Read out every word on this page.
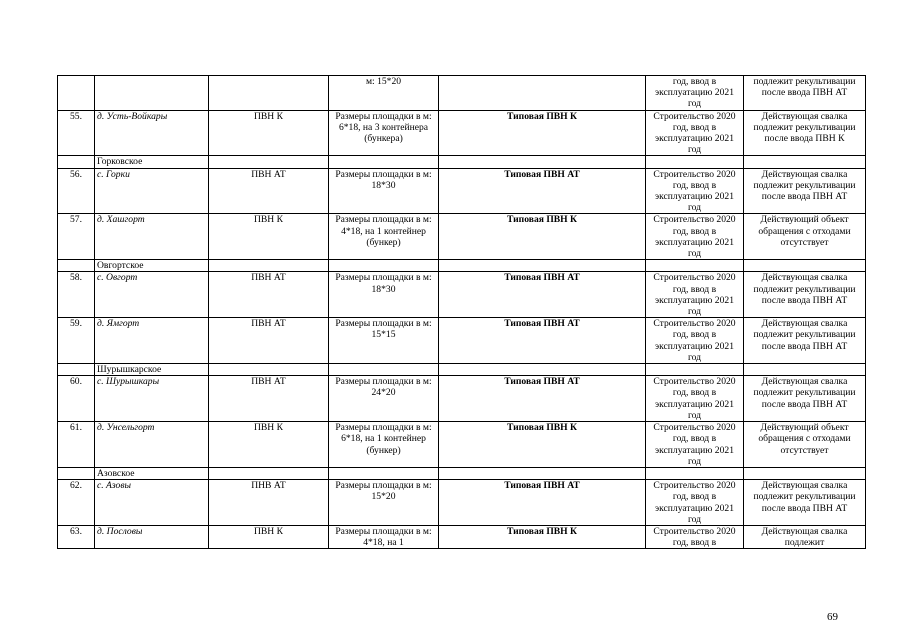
			м: 15*20		год, ввод в эксплуатацию 2021 год	подлежит рекультивации после ввода ПВН АТ
55.	д. Усть-Войкары	ПВН К	Размеры площадки в м: 6*18, на 3 контейнера (бункера)	Типовая ПВН К	Строительство 2020 год, ввод в эксплуатацию 2021 год	Действующая свалка подлежит рекультивации после ввода ПВН К
	Горковское					
56.	с. Горки	ПВН АТ	Размеры площадки в м: 18*30	Типовая ПВН АТ	Строительство 2020 год, ввод в эксплуатацию 2021 год	Действующая свалка подлежит рекультивации после ввода ПВН АТ
57.	д. Хашгорт	ПВН К	Размеры площадки в м: 4*18, на 1 контейнер (бункер)	Типовая ПВН К	Строительство 2020 год, ввод в эксплуатацию 2021 год	Действующий объект обращения с отходами отсутствует
	Овгортское					
58.	с. Овгорт	ПВН АТ	Размеры площадки в м: 18*30	Типовая ПВН АТ	Строительство 2020 год, ввод в эксплуатацию 2021 год	Действующая свалка подлежит рекультивации после ввода ПВН АТ
59.	д. Ямгорт	ПВН АТ	Размеры площадки в м: 15*15	Типовая ПВН АТ	Строительство 2020 год, ввод в эксплуатацию 2021 год	Действующая свалка подлежит рекультивации после ввода ПВН АТ
	Шурышкарское					
60.	с. Шурышкары	ПВН АТ	Размеры площадки в м: 24*20	Типовая ПВН АТ	Строительство 2020 год, ввод в эксплуатацию 2021 год	Действующая свалка подлежит рекультивации после ввода ПВН АТ
61.	д. Унсельгорт	ПВН К	Размеры площадки в м: 6*18, на 1 контейнер (бункер)	Типовая ПВН К	Строительство 2020 год, ввод в эксплуатацию 2021 год	Действующий объект обращения с отходами отсутствует
	Азовское					
62.	с. Азовы	ПНВ АТ	Размеры площадки в м: 15*20	Типовая ПВН АТ	Строительство 2020 год, ввод в эксплуатацию 2021 год	Действующая свалка подлежит рекультивации после ввода ПВН АТ
63.	д. Пословы	ПВН К	Размеры площадки в м: 4*18, на 1	Типовая ПВН К	Строительство 2020 год, ввод в	Действующая свалка подлежит
69
